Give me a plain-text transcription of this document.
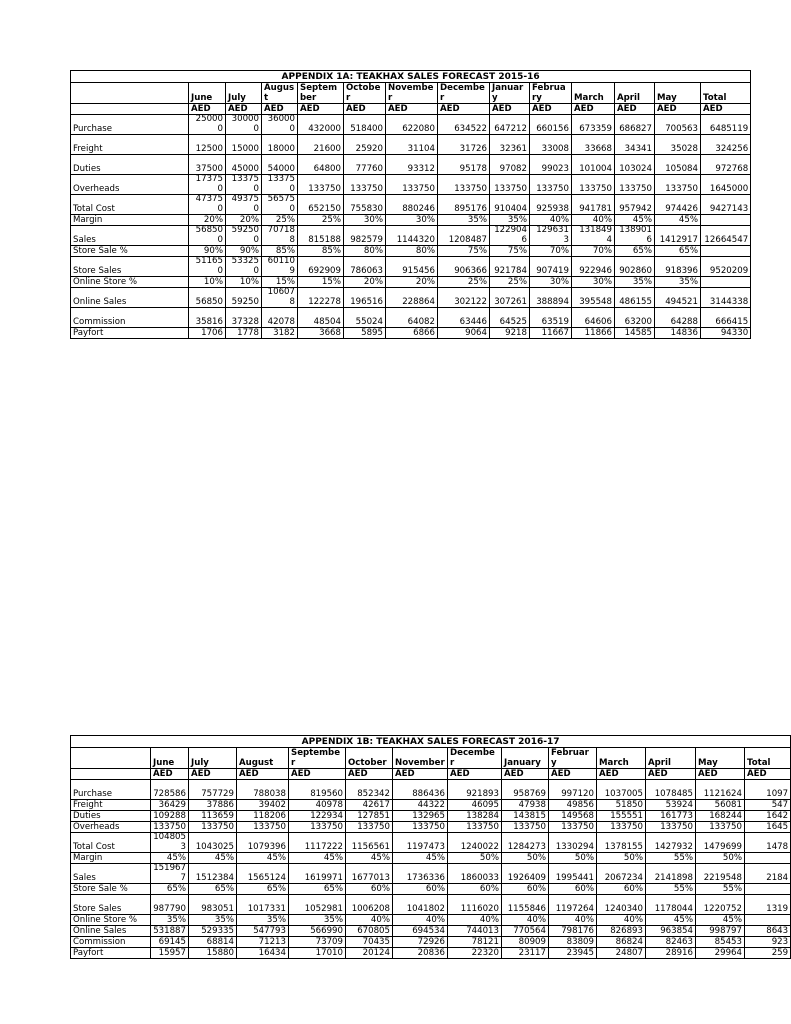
APPENDIX 1A: TEAKHAX SALES FORECAST 2015-16													
	June	July	August	September	October	November	December	January	February	March	April	May	Total
	AED	AED	AED	AED	AED	AED	AED	AED	AED	AED	AED	AED	AED
Purchase	250000	300000	360000	432000	518400	622080	634522	647212	660156	673359	686827	700563	6485119
Freight	12500	15000	18000	21600	25920	31104	31726	32361	33008	33668	34341	35028	324256
Duties	37500	45000	54000	64800	77760	93312	95178	97082	99023	101004	103024	105084	972768
Overheads	173750	133750	133750	133750	133750	133750	133750	133750	133750	133750	133750	133750	1645000
Total Cost	473750	493750	565750	652150	755830	880246	895176	910404	925938	941781	957942	974426	9427143
Margin	20%	20%	25%	25%	30%	30%	35%	35%	40%	40%	45%	45%	
Sales	568500	592500	707188	815188	982579	1144320	1208487	1229046	1296313	1318494	1389016	1412917	12664547
Store Sale %	90%	90%	85%	85%	80%	80%	75%	75%	70%	70%	65%	65%	
Store Sales	511650	533250	601109	692909	786063	915456	906366	921784	907419	922946	902860	918396	9520209
Online Store %	10%	10%	15%	15%	20%	20%	25%	25%	30%	30%	35%	35%	
Online Sales	56850	59250	106078	122278	196516	228864	302122	307261	388894	395548	486155	494521	3144338
Commission	35816	37328	42078	48504	55024	64082	63446	64525	63519	64606	63200	64288	666415
Payfort	1706	1778	3182	3668	5895	6866	9064	9218	11667	11866	14585	14836	94330
APPENDIX 1B: TEAKHAX SALES FORECAST 2016-17													
	June	July	August	September	October	November	December	January	February	March	April	May	Total
	AED	AED	AED	AED	AED	AED	AED	AED	AED	AED	AED	AED	AED
Purchase	728586	757729	788038	819560	852342	886436	921893	958769	997120	1037005	1078485	1121624	1097
Freight	36429	37886	39402	40978	42617	44322	46095	47938	49856	51850	53924	56081	547
Duties	109288	113659	118206	122934	127851	132965	138284	143815	149568	155551	161773	168244	1642
Overheads	133750	133750	133750	133750	133750	133750	133750	133750	133750	133750	133750	133750	1645
Total Cost	1048053	1043025	1079396	1117222	1156561	1197473	1240022	1284273	1330294	1378155	1427932	1479699	1478
Margin	45%	45%	45%	45%	45%	45%	50%	50%	50%	50%	55%	50%	
Sales	1519677	1512384	1565124	1619971	1677013	1736336	1860033	1926409	1995441	2067234	2141898	2219548	2184
Store Sale %	65%	65%	65%	65%	60%	60%	60%	60%	60%	60%	55%	55%	
Store Sales	987790	983051	1017331	1052981	1006208	1041802	1116020	1155846	1197264	1240340	1178044	1220752	1319
Online Store %	35%	35%	35%	35%	40%	40%	40%	40%	40%	40%	45%	45%	
Online Sales	531887	529335	547793	566990	670805	694534	744013	770564	798176	826893	963854	998797	8643
Commission	69145	68814	71213	73709	70435	72926	78121	80909	83809	86824	82463	85453	923
Payfort	15957	15880	16434	17010	20124	20836	22320	23117	23945	24807	28916	29964	259
